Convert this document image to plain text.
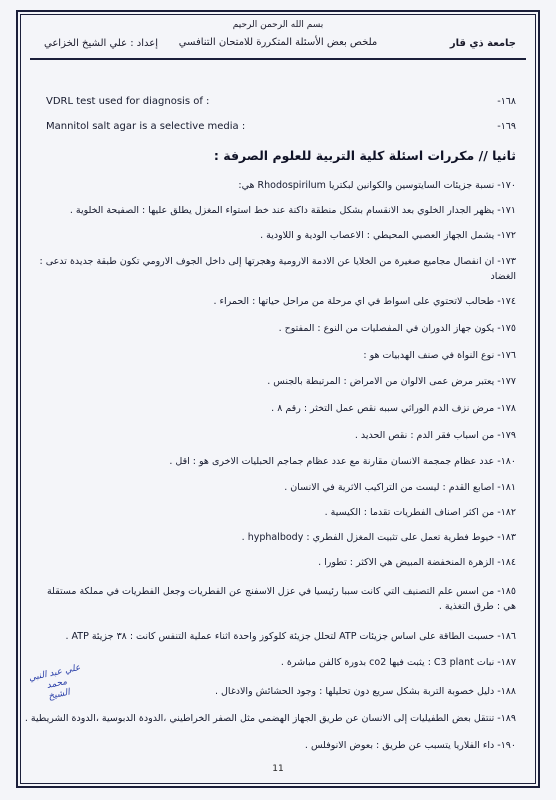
بسم الله الرحمن الرحيم
جامعة ذي قار
ملخص بعض الأسئلة المتكررة للامتحان التنافسي
إعداد : علي الشيخ الخزاعي
-١٦٨
VDRL test used for diagnosis of :
-١٦٩
Mannitol salt agar is a selective media :
ثانيا // مكررات اسئلة كلية التربية للعلوم الصرفة :
١٧٠- نسبة جزيئات السايتوسين والكوانين لبكتريا Rhodospirilum هي:
١٧١- يظهر الجدار الخلوي بعد الانقسام بشكل منطقة داكنة عند خط استواء المغزل يطلق عليها : الصفيحة الخلوية .
١٧٢- يشمل الجهاز العصبي المحيطي : الاعصاب الودية و اللاودية .
١٧٣- ان انفصال مجاميع صغيرة من الخلايا عن الادمة الارومية وهجرتها إلى داخل الجوف الارومي تكون طبقة جديدة تدعى : الغضاد
١٧٤- طحالب لاتحتوي على اسواط في اي مرحلة من مراحل حياتها : الحمراء .
١٧٥- يكون جهاز الدوران في المفصليات من النوع : المفتوح .
١٧٦- نوع النواة في صنف الهدبيات هو :
١٧٧- يعتبر مرض عمى الالوان من الامراض : المرتبطة بالجنس .
١٧٨- مرض نزف الدم الوراثي سببه نقص عمل التخثر : رقم ٨ .
١٧٩- من اسباب فقر الدم : نقص الحديد .
١٨٠- عدد عظام جمجمة الانسان مقارنة مع عدد عظام جماجم الحبليات الاخرى هو : اقل .
١٨١- اصابع القدم : ليست من التراكيب الاثرية في الانسان .
١٨٢- من اكثر اصناف الفطريات تقدما : الكيسية .
١٨٣- خيوط فطرية تعمل على تثبيت المغزل الفطري : hyphalbody .
١٨٤- الزهرة المنخفضة المبيض هي الاكثر : تطورا .
١٨٥- من اسس علم التصنيف التي كانت سببا رئيسيا في عزل الاسفنج عن الفطريات وجعل الفطريات في مملكة مستقلة هي : طرق التغذية .
١٨٦- حسبت الطاقة على اساس جزيئات ATP لتحلل جزيئة كلوكوز واحدة اثناء عملية التنفس كانت : ٣٨ جزيئة ATP .
١٨٧- نبات C3 plant : يثبت فيها co2 بدورة كالفن مباشرة .
١٨٨- دليل خصوبة التربة بشكل سريع دون تحليلها : وجود الحشائش والادغال .
١٨٩- تنتقل بعض الطفيليات إلى الانسان عن طريق الجهاز الهضمي مثل الصفر الخراطيني ،الدودة الدبوسية ،الدودة الشريطية .
١٩٠- داء الفلاريا يتسبب عن طريق : بعوض الانوفلس .
علي عبد النبي محمد
الشيخ
11
